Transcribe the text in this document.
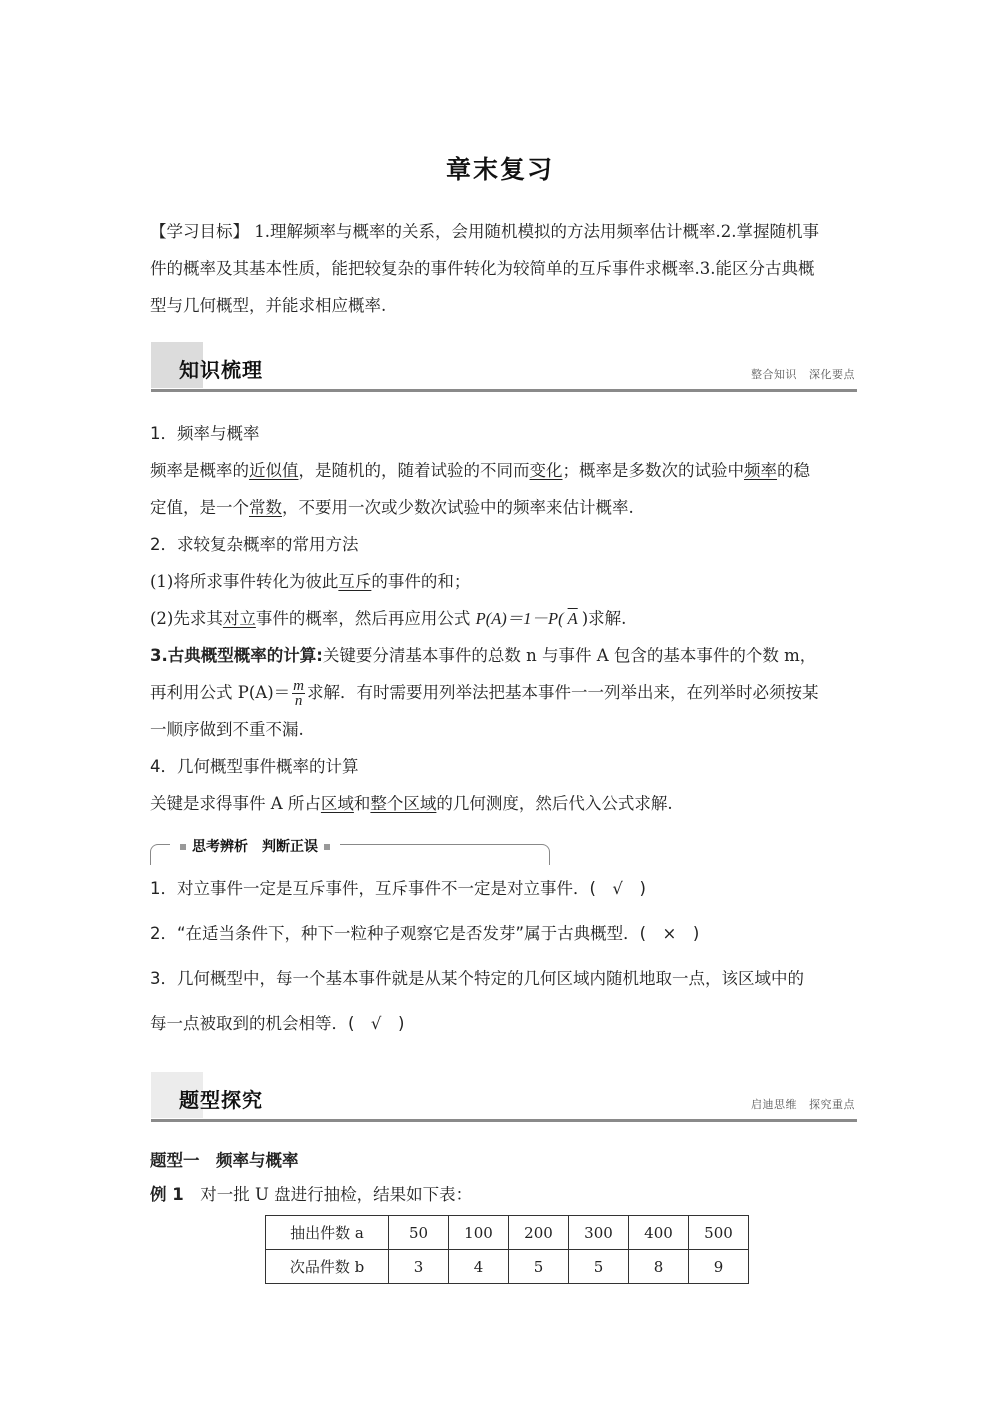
章末复习
【学习目标】 1.理解频率与概率的关系，会用随机模拟的方法用频率估计概率.2.掌握随机事
件的概率及其基本性质，能把较复杂的事件转化为较简单的互斥事件求概率.3.能区分古典概
型与几何概型，并能求相应概率.
知识梳理	整合知识 深化要点
1．频率与概率
频率是概率的近似值，是随机的，随着试验的不同而变化；概率是多数次的试验中频率的稳
定值，是一个常数，不要用一次或少数次试验中的频率来估计概率.
2．求较复杂概率的常用方法
(1)将所求事件转化为彼此互斥的事件的和；
(2)先求其对立事件的概率，然后再应用公式 P(A)＝1－P( $\overline{A}$ )求解.
3.古典概型概率的计算:关键要分清基本事件的总数 n 与事件 A 包含的基本事件的个数 m，
再利用公式 $P(A)= \frac{m}{n}$ 求解．有时需要用列举法把基本事件一一列举出来，在列举时必须按某
一顺序做到不重不漏.
4．几何概型事件概率的计算
关键是求得事件 A 所占区域和整个区域的几何测度，然后代入公式求解.
思考辨析　 判断正误
1．对立事件一定是互斥事件，互斥事件不一定是对立事件．(　√　)
2．“在适当条件下，种下一粒种子观察它是否发芽”属于古典概型．(　×　)
3．几何概型中，每一个基本事件就是从某个特定的几何区域内随机地取一点，该区域中的
每一点被取到的机会相等．(　√　)
题型探究	启迪思维 探究重点
题型一　频率与概率
例 1　对一批 U 盘进行抽检，结果如下表：
抽出件数 a	50	100	200	300	400	500
次品件数 b	3	4	5	5	8	9
